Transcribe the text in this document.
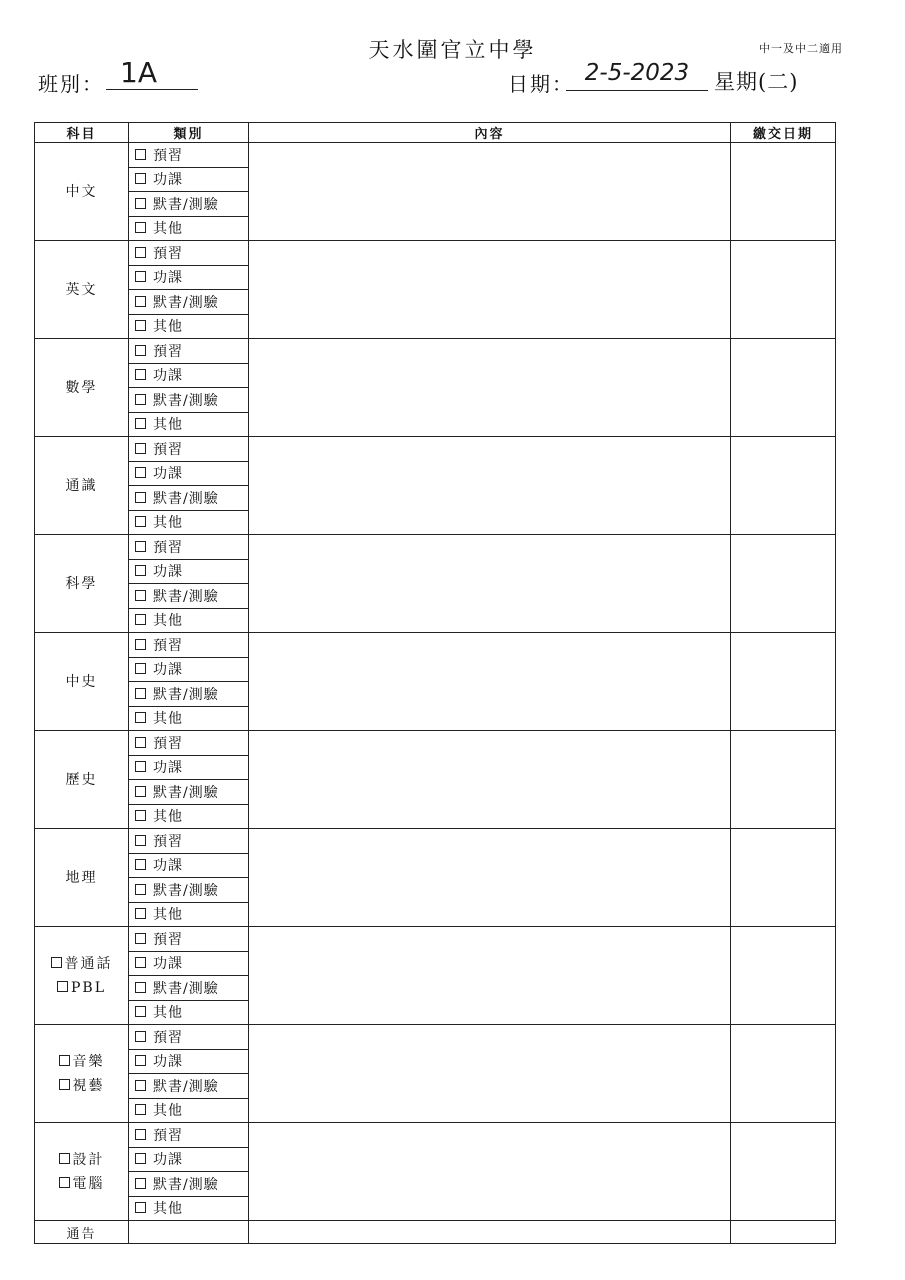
天水圍官立中學	中一及中二適用
班別： 1A	日期： 2-5-2023	星期(二)
科目	類別	內容	繳交日期

中文	預習		
	功課		
	默書/測驗		
	其他		

英文	預習		
	功課		
	默書/測驗		
	其他		

數學	預習		
	功課		
	默書/測驗		
	其他		

通識	預習		
	功課		
	默書/測驗		
	其他		

科學	預習		
	功課		
	默書/測驗		
	其他		

中史	預習		
	功課		
	默書/測驗		
	其他		

歷史	預習		
	功課		
	默書/測驗		
	其他		

地理	預習		
	功課		
	默書/測驗		
	其他		

普通話
PBL	預習		
	功課		
	默書/測驗		
	其他		

音樂
視藝	預習		
	功課		
	默書/測驗		
	其他		

設計
電腦	預習		
	功課		
	默書/測驗		
	其他		
通告			
